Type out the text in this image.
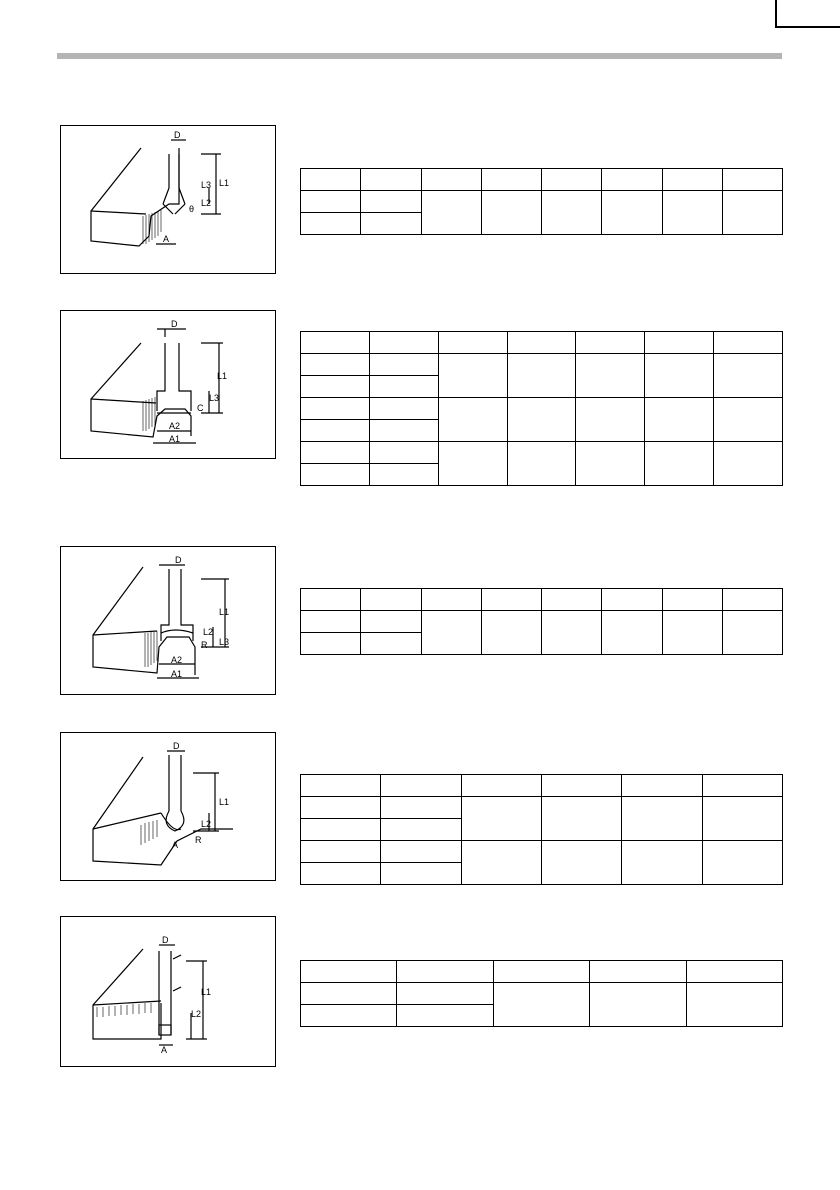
D
L1
L3
L2
θ
A

D
L1
L3
C
A2
A1

D
L1
L2
L3
R
A2
A1

D
L1
L2
R
A

D
L1
L2
A
